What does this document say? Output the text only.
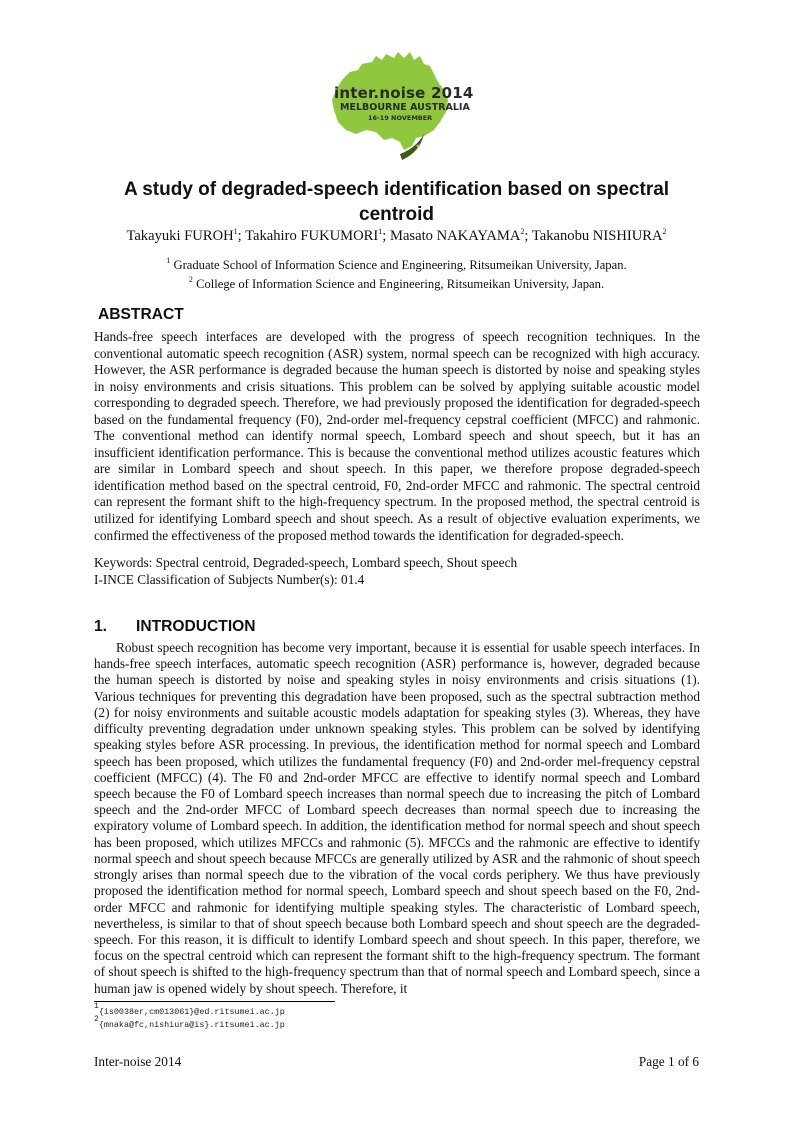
inter.noise 2014
MELBOURNE AUSTRALIA
16-19 NOVEMBER
A study of degraded-speech identification based on spectral centroid
Takayuki FUROH$^1$; Takahiro FUKUMORI$^1$; Masato NAKAYAMA$^2$; Takanobu NISHIURA$^2$
$^1$ Graduate School of Information Science and Engineering, Ritsumeikan University, Japan.
$^2$ College of Information Science and Engineering, Ritsumeikan University, Japan.
ABSTRACT
Hands-free speech interfaces are developed with the progress of speech recognition techniques. In the conventional automatic speech recognition (ASR) system, normal speech can be recognized with high accuracy. However, the ASR performance is degraded because the human speech is distorted by noise and speaking styles in noisy environments and crisis situations. This problem can be solved by applying suitable acoustic model corresponding to degraded speech. Therefore, we had previously proposed the identification for degraded-speech based on the fundamental frequency (F0), 2nd-order mel-frequency cepstral coefficient (MFCC) and rahmonic. The conventional method can identify normal speech, Lombard speech and shout speech, but it has an insufficient identification performance. This is because the conventional method utilizes acoustic features which are similar in Lombard speech and shout speech. In this paper, we therefore propose degraded-speech identification method based on the spectral centroid, F0, 2nd-order MFCC and rahmonic. The spectral centroid can represent the formant shift to the high-frequency spectrum. In the proposed method, the spectral centroid is utilized for identifying Lombard speech and shout speech. As a result of objective evaluation experiments, we confirmed the effectiveness of the proposed method towards the identification for degraded-speech.
Keywords: Spectral centroid, Degraded-speech, Lombard speech, Shout speech
I-INCE Classification of Subjects Number(s): 01.4
1. INTRODUCTION
Robust speech recognition has become very important, because it is essential for usable speech interfaces. In hands-free speech interfaces, automatic speech recognition (ASR) performance is, however, degraded because the human speech is distorted by noise and speaking styles in noisy environments and crisis situations (1). Various techniques for preventing this degradation have been proposed, such as the spectral subtraction method (2) for noisy environments and suitable acoustic models adaptation for speaking styles (3). Whereas, they have difficulty preventing degradation under unknown speaking styles. This problem can be solved by identifying speaking styles before ASR processing. In previous, the identification method for normal speech and Lombard speech has been proposed, which utilizes the fundamental frequency (F0) and 2nd-order mel-frequency cepstral coefficient (MFCC) (4). The F0 and 2nd-order MFCC are effective to identify normal speech and Lombard speech because the F0 of Lombard speech increases than normal speech due to increasing the pitch of Lombard speech and the 2nd-order MFCC of Lombard speech decreases than normal speech due to increasing the expiratory volume of Lombard speech. In addition, the identification method for normal speech and shout speech has been proposed, which utilizes MFCCs and rahmonic (5). MFCCs and the rahmonic are effective to identify normal speech and shout speech because MFCCs are generally utilized by ASR and the rahmonic of shout speech strongly arises than normal speech due to the vibration of the vocal cords periphery. We thus have previously proposed the identification method for normal speech, Lombard speech and shout speech based on the F0, 2nd-order MFCC and rahmonic for identifying multiple speaking styles. The characteristic of Lombard speech, nevertheless, is similar to that of shout speech because both Lombard speech and shout speech are the degraded-speech. For this reason, it is difficult to identify Lombard speech and shout speech. In this paper, therefore, we focus on the spectral centroid which can represent the formant shift to the high-frequency spectrum. The formant of shout speech is shifted to the high-frequency spectrum than that of normal speech and Lombard speech, since a human jaw is opened widely by shout speech. Therefore, it
$^1${is0038er,cm013061}@ed.ritsumei.ac.jp
$^2${mnaka@fc,nishiura@is}.ritsumei.ac.jp
Inter-noise 2014	Page 1 of 6
